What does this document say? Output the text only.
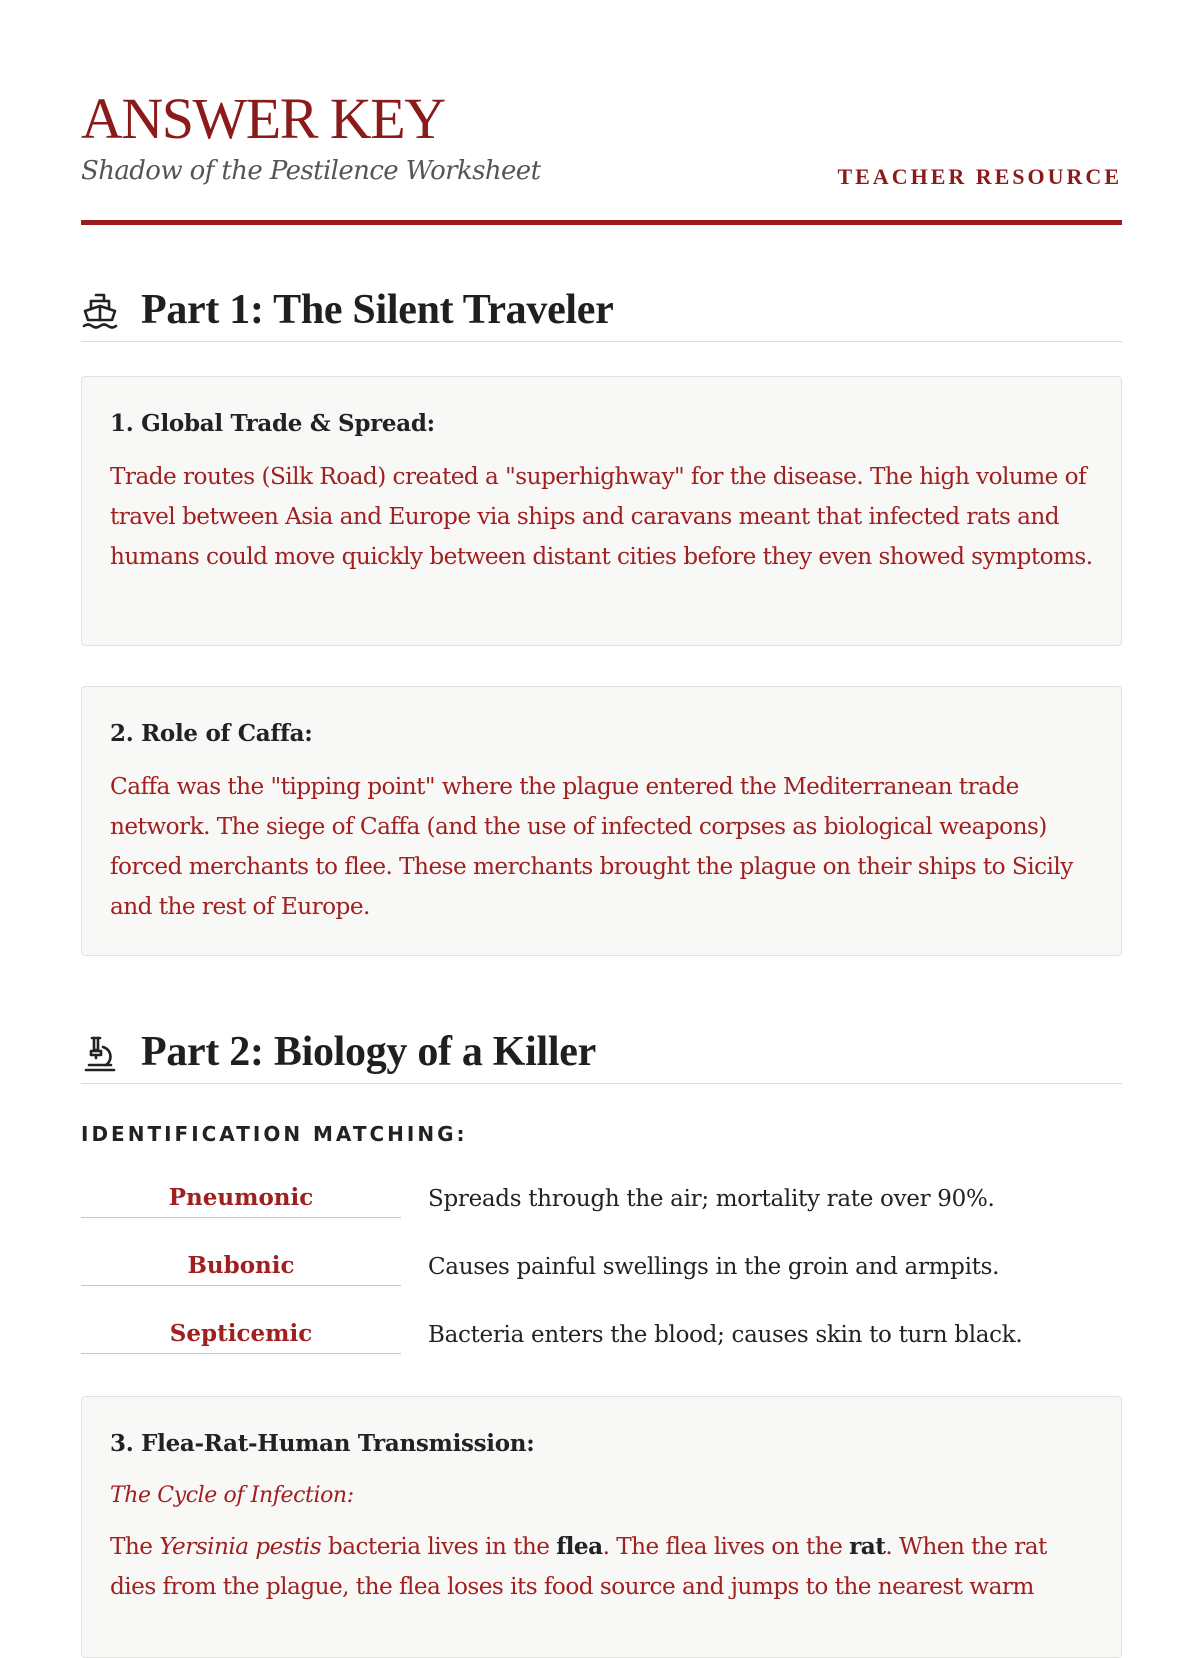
ANSWER KEY
Shadow of the Pestilence Worksheet	TEACHER RESOURCE
Part 1: The Silent Traveler
1. Global Trade & Spread:
Trade routes (Silk Road) created a "superhighway" for the disease. The high volume of travel between Asia and Europe via ships and caravans meant that infected rats and humans could move quickly between distant cities before they even showed symptoms.
2. Role of Caffa:
Caffa was the "tipping point" where the plague entered the Mediterranean trade network. The siege of Caffa (and the use of infected corpses as biological weapons) forced merchants to flee. These merchants brought the plague on their ships to Sicily and the rest of Europe.
Part 2: Biology of a Killer
IDENTIFICATION MATCHING:
Pneumonic	Spreads through the air; mortality rate over 90%.
Bubonic	Causes painful swellings in the groin and armpits.
Septicemic	Bacteria enters the blood; causes skin to turn black.
3. Flea-Rat-Human Transmission:
The Cycle of Infection:
The Yersinia pestis bacteria lives in the flea. The flea lives on the rat. When the rat dies from the plague, the flea loses its food source and jumps to the nearest warm
